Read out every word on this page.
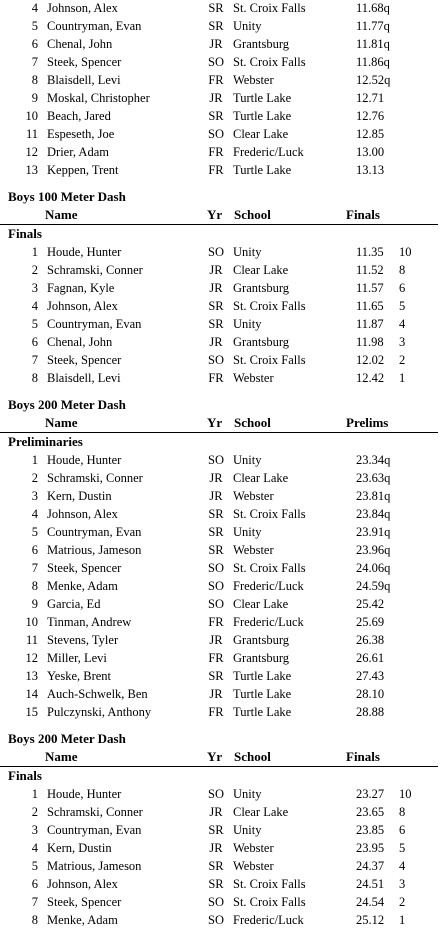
4 Johnson, Alex	SR St. Croix Falls	11.68q
5 Countryman, Evan	SR Unity	11.77q
6 Chenal, John	JR Grantsburg	11.81q
7 Steek, Spencer	SO St. Croix Falls	11.86q
8 Blaisdell, Levi	FR Webster	12.52q
9 Moskal, Christopher	JR Turtle Lake	12.71
10 Beach, Jared	SR Turtle Lake	12.76
11 Espeseth, Joe	SO Clear Lake	12.85
12 Drier, Adam	FR Frederic/Luck	13.00
13 Keppen, Trent	FR Turtle Lake	13.13
Boys 100 Meter Dash
Name	Yr School	Finals
Finals
1 Houde, Hunter	SO Unity	11.35 10
2 Schramski, Conner	JR Clear Lake	11.52 8
3 Fagnan, Kyle	JR Grantsburg	11.57 6
4 Johnson, Alex	SR St. Croix Falls	11.65 5
5 Countryman, Evan	SR Unity	11.87 4
6 Chenal, John	JR Grantsburg	11.98 3
7 Steek, Spencer	SO St. Croix Falls	12.02 2
8 Blaisdell, Levi	FR Webster	12.42 1
Boys 200 Meter Dash
Name	Yr School	Prelims
Preliminaries
1 Houde, Hunter	SO Unity	23.34q
2 Schramski, Conner	JR Clear Lake	23.63q
3 Kern, Dustin	JR Webster	23.81q
4 Johnson, Alex	SR St. Croix Falls	23.84q
5 Countryman, Evan	SR Unity	23.91q
6 Matrious, Jameson	SR Webster	23.96q
7 Steek, Spencer	SO St. Croix Falls	24.06q
8 Menke, Adam	SO Frederic/Luck	24.59q
9 Garcia, Ed	SO Clear Lake	25.42
10 Tinman, Andrew	FR Frederic/Luck	25.69
11 Stevens, Tyler	JR Grantsburg	26.38
12 Miller, Levi	FR Grantsburg	26.61
13 Yeske, Brent	SR Turtle Lake	27.43
14 Auch-Schwelk, Ben	JR Turtle Lake	28.10
15 Pulczynski, Anthony	FR Turtle Lake	28.88
Boys 200 Meter Dash
Name	Yr School	Finals
Finals
1 Houde, Hunter	SO Unity	23.27 10
2 Schramski, Conner	JR Clear Lake	23.65 8
3 Countryman, Evan	SR Unity	23.85 6
4 Kern, Dustin	JR Webster	23.95 5
5 Matrious, Jameson	SR Webster	24.37 4
6 Johnson, Alex	SR St. Croix Falls	24.51 3
7 Steek, Spencer	SO St. Croix Falls	24.54 2
8 Menke, Adam	SO Frederic/Luck	25.12 1
